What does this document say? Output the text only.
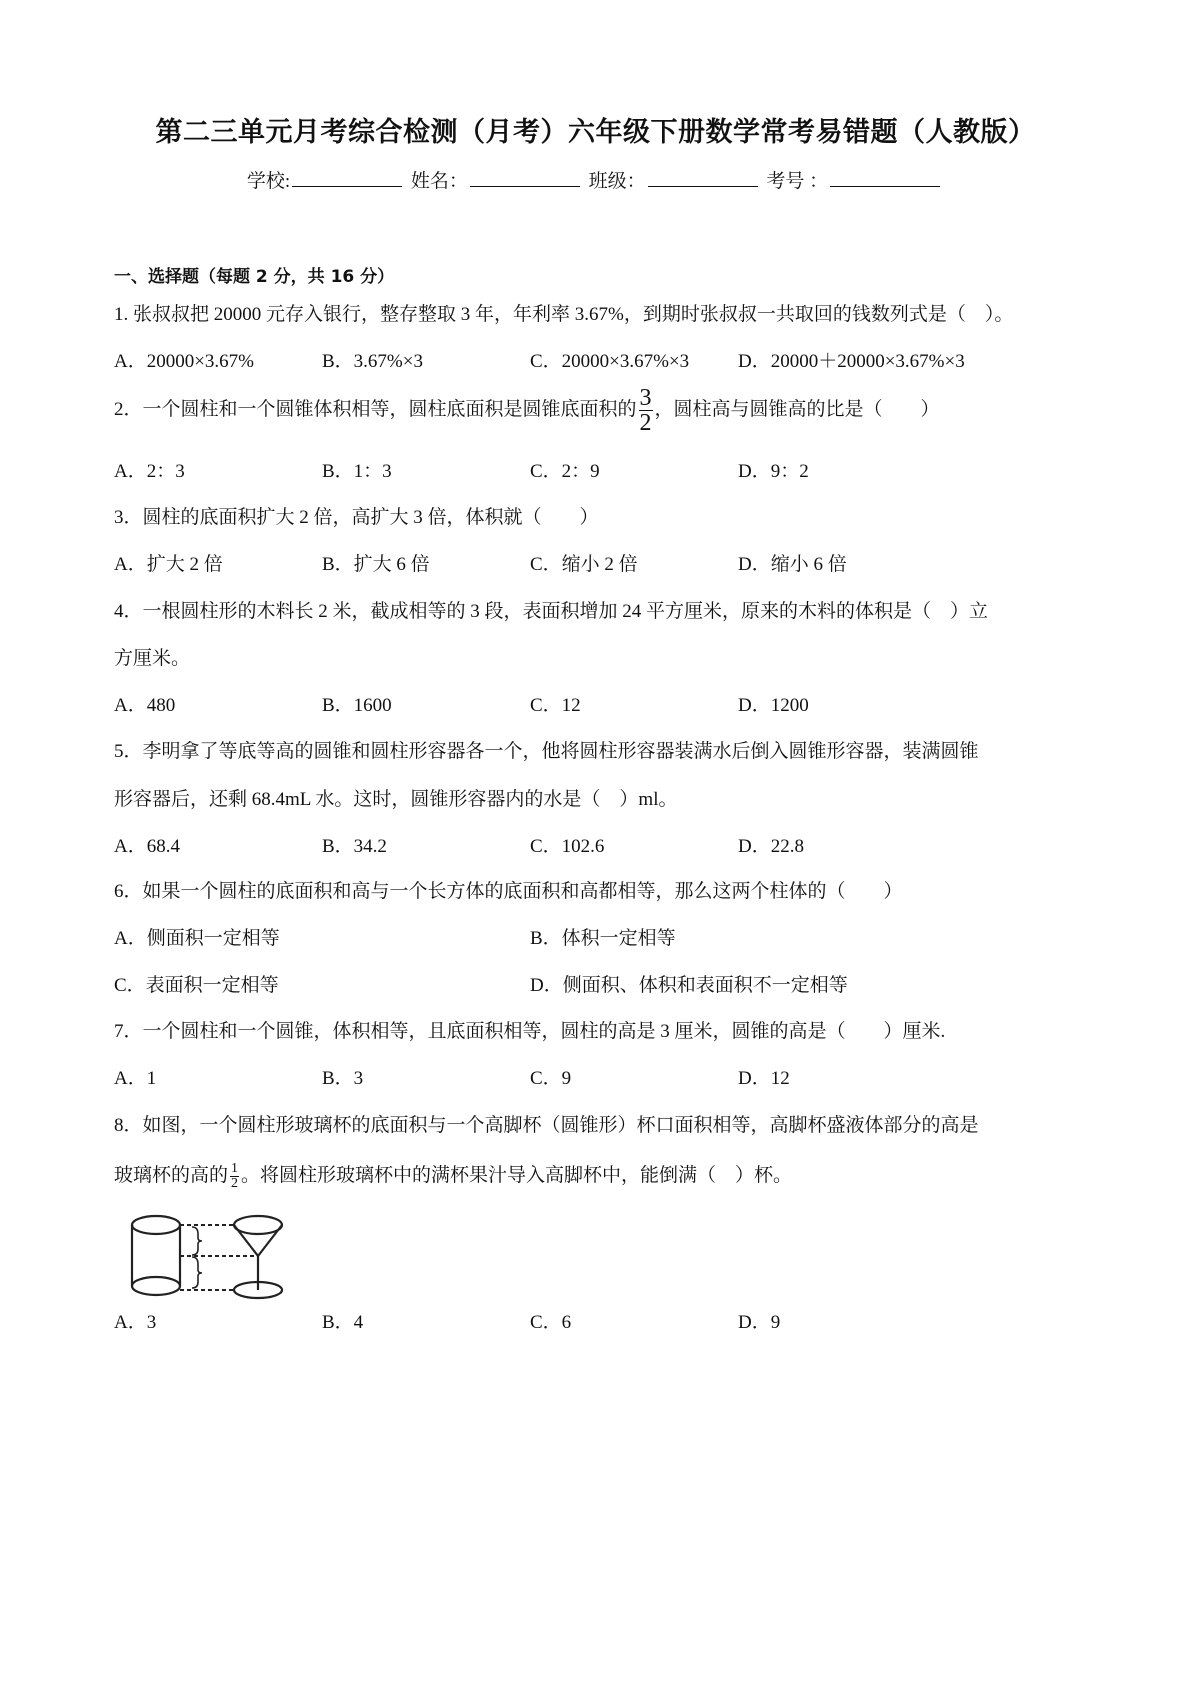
第二三单元月考综合检测（月考）六年级下册数学常考易错题（人教版）
学校:	姓名：	班级：	考号 ：
一、选择题（每题 2 分，共 16 分）
1. 张叔叔把 20000 元存入银行，整存整取 3 年，年利率 3.67%，到期时张叔叔一共取回的钱数列式是（　）。
A．20000×3.67%	B．3.67%×3	C．20000×3.67%×3	D．20000＋20000×3.67%×3
2．一个圆柱和一个圆锥体积相等，圆柱底面积是圆锥底面积的 $\frac{3}{2}$ ，圆柱高与圆锥高的比是（　　）
A．2：3	B．1：3	C．2：9	D．9：2
3．圆柱的底面积扩大 2 倍，高扩大 3 倍，体积就（　　）
A．扩大 2 倍	B．扩大 6 倍	C．缩小 2 倍	D．缩小 6 倍
4．一根圆柱形的木料长 2 米，截成相等的 3 段，表面积增加 24 平方厘米，原来的木料的体积是（　）立
方厘米。
A．480	B．1600	C．12	D．1200
5．李明拿了等底等高的圆锥和圆柱形容器各一个，他将圆柱形容器装满水后倒入圆锥形容器，装满圆锥
形容器后，还剩 68.4mL 水。这时，圆锥形容器内的水是（　）ml。
A．68.4	B．34.2	C．102.6	D．22.8
6．如果一个圆柱的底面积和高与一个长方体的底面积和高都相等，那么这两个柱体的（　　）
A．侧面积一定相等	B．体积一定相等
C．表面积一定相等	D．侧面积、体积和表面积不一定相等
7．一个圆柱和一个圆锥，体积相等，且底面积相等，圆柱的高是 3 厘米，圆锥的高是（　　）厘米.
A．1	B．3	C．9	D．12
8．如图，一个圆柱形玻璃杯的底面积与一个高脚杯（圆锥形）杯口面积相等，高脚杯盛液体部分的高是
玻璃杯的高的 $\frac{1}{2}$ 。将圆柱形玻璃杯中的满杯果汁导入高脚杯中，能倒满（　）杯。
A．3	B．4	C．6	D．9
